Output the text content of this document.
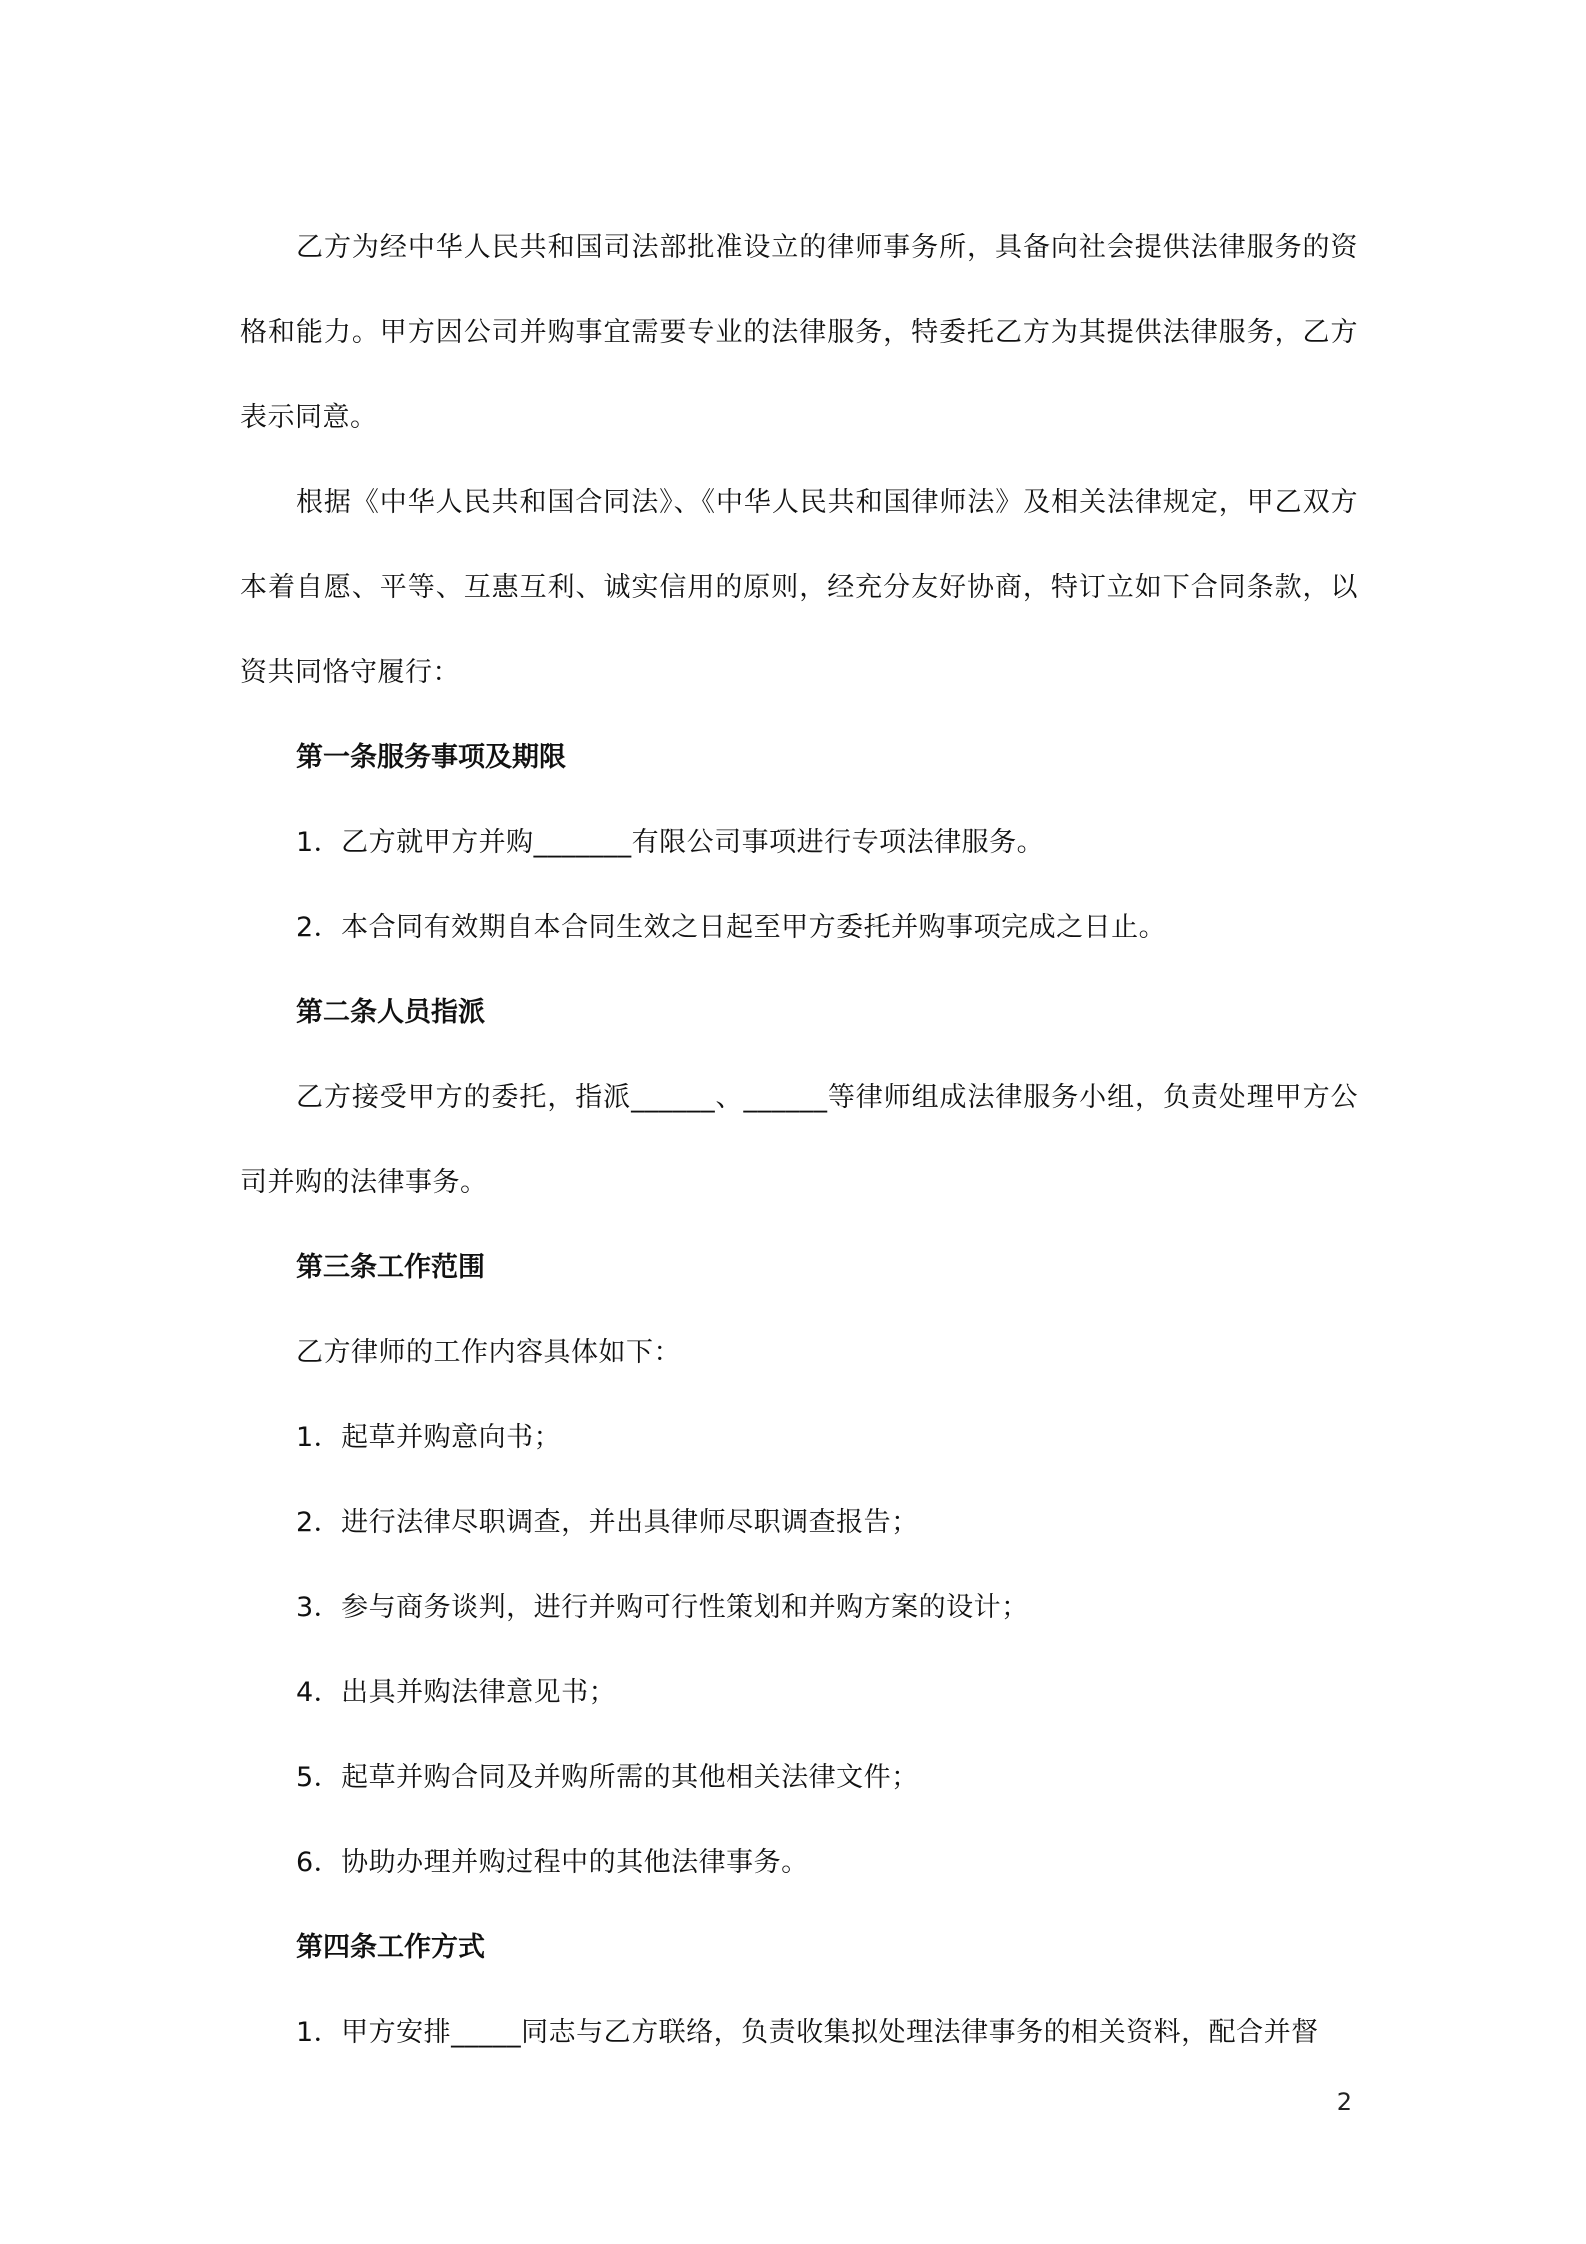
乙方为经中华人民共和国司法部批准设立的律师事务所，具备向社会提供法律服务的资格和能力。甲方因公司并购事宜需要专业的法律服务，特委托乙方为其提供法律服务，乙方表示同意。

根据《中华人民共和国合同法》、《中华人民共和国律师法》及相关法律规定，甲乙双方本着自愿、平等、互惠互利、诚实信用的原则，经充分友好协商，特订立如下合同条款，以资共同恪守履行：

第一条服务事项及期限

1．乙方就甲方并购_______有限公司事项进行专项法律服务。

2．本合同有效期自本合同生效之日起至甲方委托并购事项完成之日止。

第二条人员指派

乙方接受甲方的委托，指派______、______等律师组成法律服务小组，负责处理甲方公司并购的法律事务。

第三条工作范围

乙方律师的工作内容具体如下：

1．起草并购意向书；

2．进行法律尽职调查，并出具律师尽职调查报告；

3．参与商务谈判，进行并购可行性策划和并购方案的设计；

4．出具并购法律意见书；

5．起草并购合同及并购所需的其他相关法律文件；

6．协助办理并购过程中的其他法律事务。

第四条工作方式

1．甲方安排_____同志与乙方联络，负责收集拟处理法律事务的相关资料，配合并督

2
